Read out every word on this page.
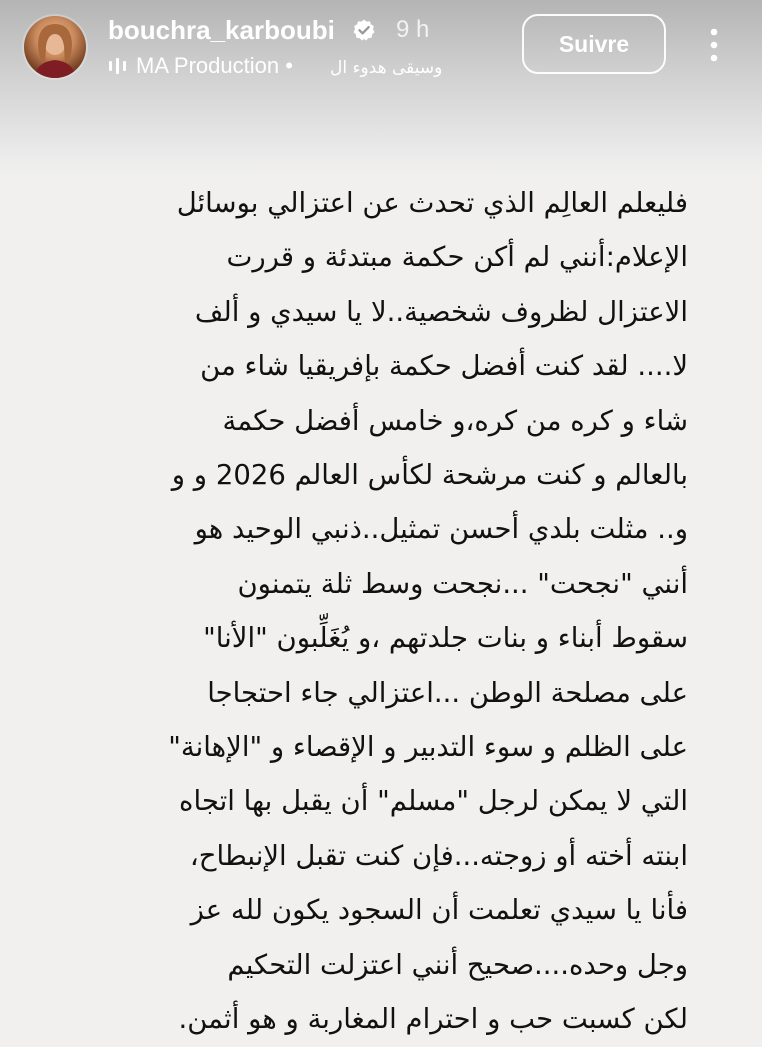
bouchra_karboubi	9 h
MA Production • وسيقى هدوء ال
Suivre
فليعلم العالِم الذي تحدث عن اعتزالي بوسائل
الإعلام:أنني لم أكن حكمة مبتدئة و قررت
الاعتزال لظروف شخصية..لا يا سيدي و ألف
لا.... لقد كنت أفضل حكمة بإفريقيا شاء من
شاء و كره من كره،و خامس أفضل حكمة
بالعالم و كنت مرشحة لكأس العالم 2026 و و
و.. مثلت بلدي أحسن تمثيل..ذنبي الوحيد هو
أنني "نجحت" ...نجحت وسط ثلة يتمنون
سقوط أبناء و بنات جلدتهم ،و يُغَلِّبون "الأنا"
على مصلحة الوطن ...اعتزالي جاء احتجاجا
على الظلم و سوء التدبير و الإقصاء و "الإهانة"
التي لا يمكن لرجل "مسلم" أن يقبل بها اتجاه
ابنته أخته أو زوجته...فإن كنت تقبل الإنبطاح،
فأنا يا سيدي تعلمت أن السجود يكون لله عز
وجل وحده....صحيح أنني اعتزلت التحكيم
لكن كسبت حب و احترام المغاربة و هو أثمن.
